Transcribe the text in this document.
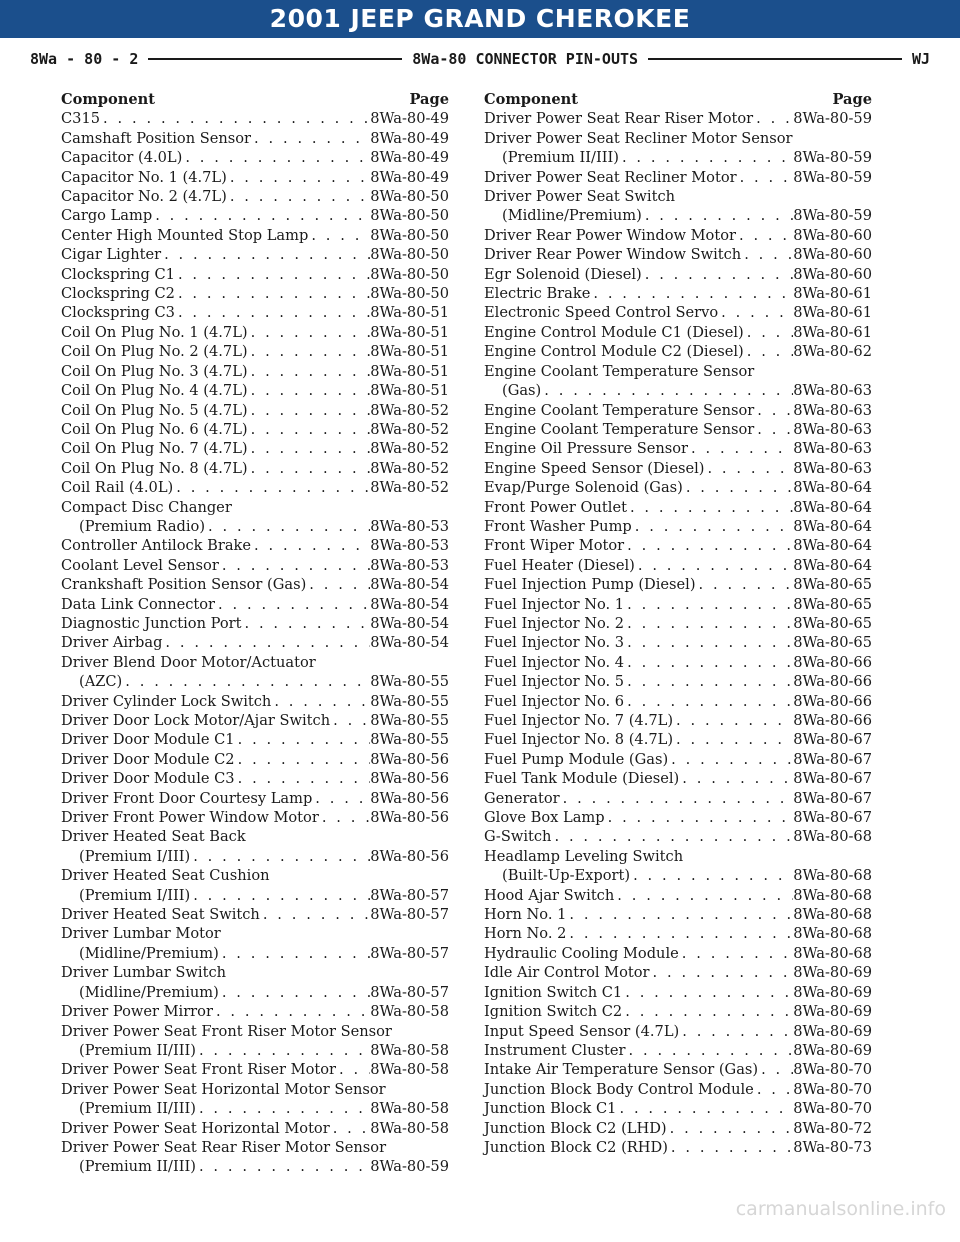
2001 JEEP GRAND CHEROKEE
8Wa - 80 - 2	8Wa-80 CONNECTOR PIN-OUTS	WJ
Component	Page
C315 . . .	8Wa-80-49
Camshaft Position Sensor . . .	8Wa-80-49
Capacitor (4.0L) . . .	8Wa-80-49
Capacitor No. 1 (4.7L) . . .	8Wa-80-49
Capacitor No. 2 (4.7L) . . .	8Wa-80-50
Cargo Lamp . . .	8Wa-80-50
Center High Mounted Stop Lamp . . .	8Wa-80-50
Cigar Lighter . . .	8Wa-80-50
Clockspring C1 . . .	8Wa-80-50
Clockspring C2 . . .	8Wa-80-50
Clockspring C3 . . .	8Wa-80-51
Coil On Plug No. 1 (4.7L) . . .	8Wa-80-51
Coil On Plug No. 2 (4.7L) . . .	8Wa-80-51
Coil On Plug No. 3 (4.7L) . . .	8Wa-80-51
Coil On Plug No. 4 (4.7L) . . .	8Wa-80-51
Coil On Plug No. 5 (4.7L) . . .	8Wa-80-52
Coil On Plug No. 6 (4.7L) . . .	8Wa-80-52
Coil On Plug No. 7 (4.7L) . . .	8Wa-80-52
Coil On Plug No. 8 (4.7L) . . .	8Wa-80-52
Coil Rail (4.0L) . . .	8Wa-80-52
Compact Disc Changer
(Premium Radio) . . .	8Wa-80-53
Controller Antilock Brake . . .	8Wa-80-53
Coolant Level Sensor . . .	8Wa-80-53
Crankshaft Position Sensor (Gas) . . .	8Wa-80-54
Data Link Connector . . .	8Wa-80-54
Diagnostic Junction Port . . .	8Wa-80-54
Driver Airbag . . .	8Wa-80-54
Driver Blend Door Motor/Actuator
(AZC) . . .	8Wa-80-55
Driver Cylinder Lock Switch . . .	8Wa-80-55
Driver Door Lock Motor/Ajar Switch . . .	8Wa-80-55
Driver Door Module C1 . . .	8Wa-80-55
Driver Door Module C2 . . .	8Wa-80-56
Driver Door Module C3 . . .	8Wa-80-56
Driver Front Door Courtesy Lamp . . .	8Wa-80-56
Driver Front Power Window Motor . . .	8Wa-80-56
Driver Heated Seat Back
(Premium I/III) . . .	8Wa-80-56
Driver Heated Seat Cushion
(Premium I/III) . . .	8Wa-80-57
Driver Heated Seat Switch . . .	8Wa-80-57
Driver Lumbar Motor
(Midline/Premium) . . .	8Wa-80-57
Driver Lumbar Switch
(Midline/Premium) . . .	8Wa-80-57
Driver Power Mirror . . .	8Wa-80-58
Driver Power Seat Front Riser Motor Sensor
(Premium II/III) . . .	8Wa-80-58
Driver Power Seat Front Riser Motor . . . 8Wa-80-58
Driver Power Seat Horizontal Motor Sensor
(Premium II/III) . . .	8Wa-80-58
Driver Power Seat Horizontal Motor . . .	8Wa-80-58
Driver Power Seat Rear Riser Motor Sensor
(Premium II/III) . . .	8Wa-80-59
Component	Page
Driver Power Seat Rear Riser Motor . . .	8Wa-80-59
Driver Power Seat Recliner Motor Sensor
(Premium II/III) . . .	8Wa-80-59
Driver Power Seat Recliner Motor . . .	8Wa-80-59
Driver Power Seat Switch
(Midline/Premium) . . .	8Wa-80-59
Driver Rear Power Window Motor . . .	8Wa-80-60
Driver Rear Power Window Switch . . .	8Wa-80-60
Egr Solenoid (Diesel) . . .	8Wa-80-60
Electric Brake . . .	8Wa-80-61
Electronic Speed Control Servo . . .	8Wa-80-61
Engine Control Module C1 (Diesel) . . .	8Wa-80-61
Engine Control Module C2 (Diesel) . . .	8Wa-80-62
Engine Coolant Temperature Sensor
(Gas) . . .	8Wa-80-63
Engine Coolant Temperature Sensor . . .	8Wa-80-63
Engine Coolant Temperature Sensor . . .	8Wa-80-63
Engine Oil Pressure Sensor . . .	8Wa-80-63
Engine Speed Sensor (Diesel) . . .	8Wa-80-63
Evap/Purge Solenoid (Gas) . . .	8Wa-80-64
Front Power Outlet . . .	8Wa-80-64
Front Washer Pump . . .	8Wa-80-64
Front Wiper Motor . . .	8Wa-80-64
Fuel Heater (Diesel) . . .	8Wa-80-64
Fuel Injection Pump (Diesel) . . .	8Wa-80-65
Fuel Injector No. 1 . . .	8Wa-80-65
Fuel Injector No. 2 . . .	8Wa-80-65
Fuel Injector No. 3 . . .	8Wa-80-65
Fuel Injector No. 4 . . .	8Wa-80-66
Fuel Injector No. 5 . . .	8Wa-80-66
Fuel Injector No. 6 . . .	8Wa-80-66
Fuel Injector No. 7 (4.7L) . . .	8Wa-80-66
Fuel Injector No. 8 (4.7L) . . .	8Wa-80-67
Fuel Pump Module (Gas) . . .	8Wa-80-67
Fuel Tank Module (Diesel) . . .	8Wa-80-67
Generator . . .	8Wa-80-67
Glove Box Lamp . . .	8Wa-80-67
G-Switch . . .	8Wa-80-68
Headlamp Leveling Switch
(Built-Up-Export) . . .	8Wa-80-68
Hood Ajar Switch . . .	8Wa-80-68
Horn No. 1 . . .	8Wa-80-68
Horn No. 2 . . .	8Wa-80-68
Hydraulic Cooling Module . . .	8Wa-80-68
Idle Air Control Motor . . .	8Wa-80-69
Ignition Switch C1 . . .	8Wa-80-69
Ignition Switch C2 . . .	8Wa-80-69
Input Speed Sensor (4.7L) . . .	8Wa-80-69
Instrument Cluster . . .	8Wa-80-69
Intake Air Temperature Sensor (Gas) . . . 8Wa-80-70
Junction Block Body Control Module . . .	8Wa-80-70
Junction Block C1 . . .	8Wa-80-70
Junction Block C2 (LHD) . . .	8Wa-80-72
Junction Block C2 (RHD) . . .	8Wa-80-73
carmanualsonline.info
